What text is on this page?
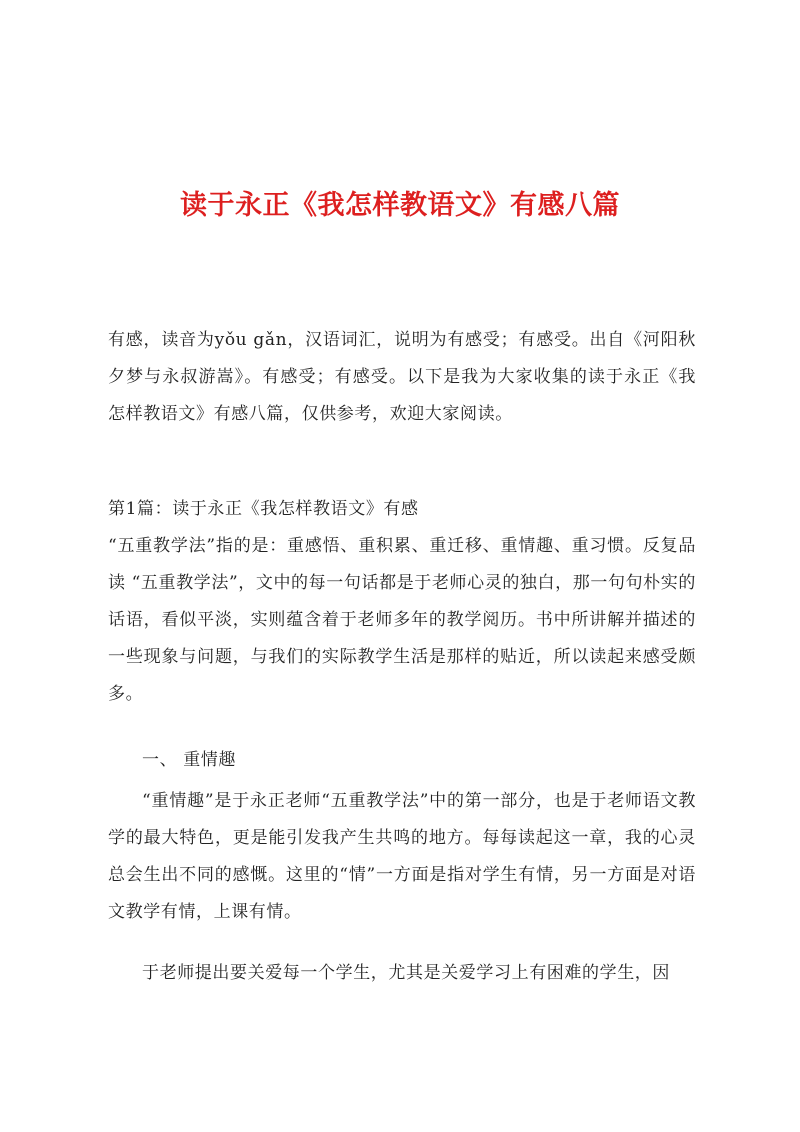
读于永正《我怎样教语文》有感八篇

有感，读音为yǒu gǎn，汉语词汇，说明为有感受；有感受。出自《河阳秋夕梦与永叔游嵩》。有感受；有感受。以下是我为大家收集的读于永正《我怎样教语文》有感八篇，仅供参考，欢迎大家阅读。

第1篇：读于永正《我怎样教语文》有感

“五重教学法”指的是：重感悟、重积累、重迁移、重情趣、重习惯。反复品读 “五重教学法”，文中的每一句话都是于老师心灵的独白，那一句句朴实的话语，看似平淡，实则蕴含着于老师多年的教学阅历。书中所讲解并描述的一些现象与问题，与我们的实际教学生活是那样的贴近，所以读起来感受颇多。

一、 重情趣

“重情趣”是于永正老师“五重教学法”中的第一部分，也是于老师语文教学的最大特色，更是能引发我产生共鸣的地方。每每读起这一章，我的心灵总会生出不同的感慨。这里的“情”一方面是指对学生有情，另一方面是对语文教学有情，上课有情。

于老师提出要关爱每一个学生，尤其是关爱学习上有困难的学生，因
